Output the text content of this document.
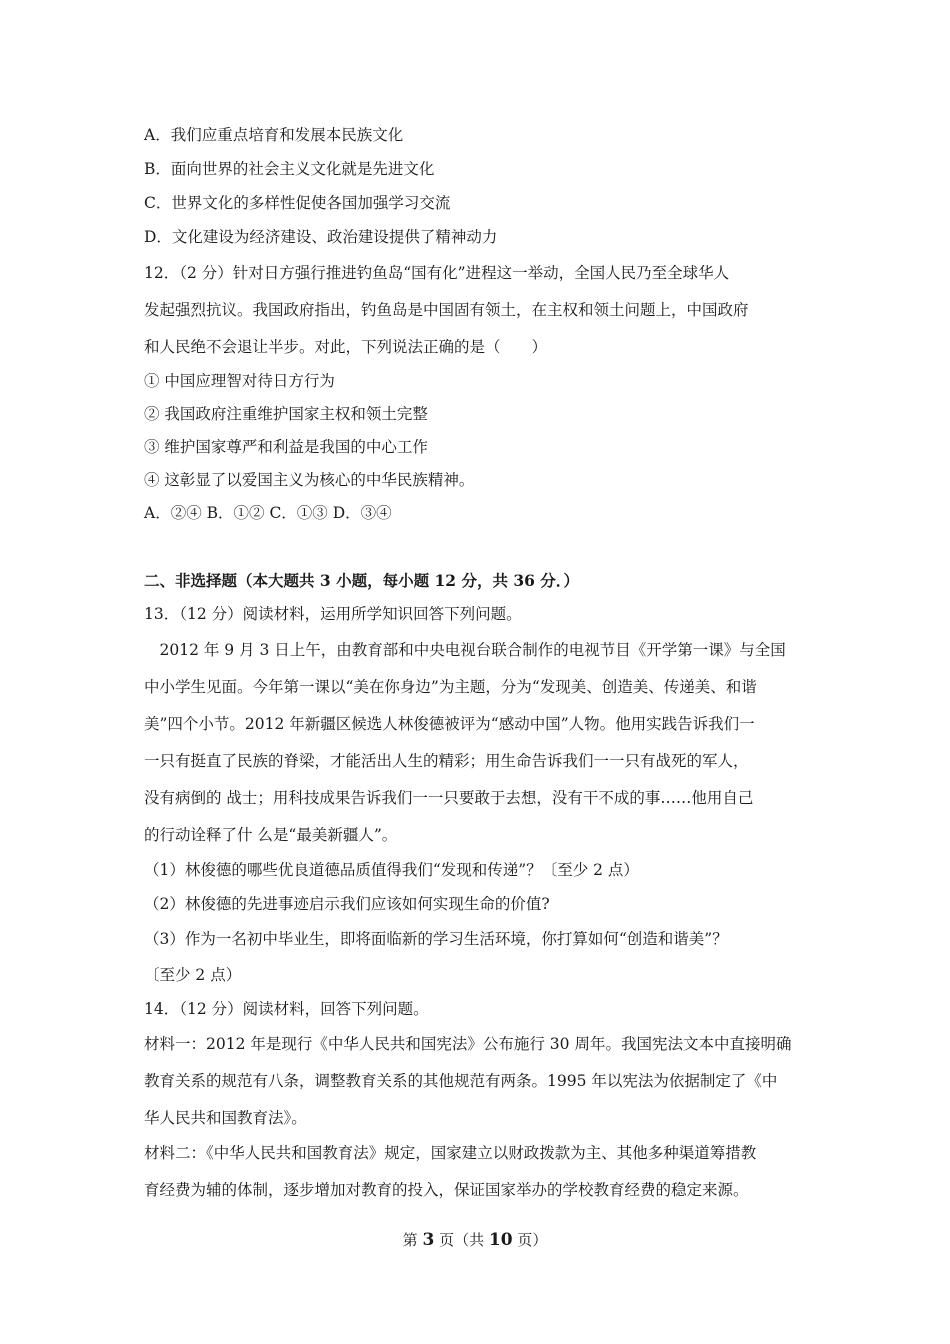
A．我们应重点培育和发展本民族文化
B．面向世界的社会主义文化就是先进文化
C．世界文化的多样性促使各国加强学习交流
D．文化建设为经济建设、政治建设提供了精神动力
12．（2 分）针对日方强行推进钓鱼岛“国有化”进程这一举动，全国人民乃至全球华人
发起强烈抗议。我国政府指出，钓鱼岛是中国固有领土，在主权和领土问题上，中国政府
和人民绝不会退让半步。对此，下列说法正确的是（　　）
① 中国应理智对待日方行为
② 我国政府注重维护国家主权和领土完整
③ 维护国家尊严和利益是我国的中心工作
④ 这彰显了以爱国主义为核心的中华民族精神。
A．②④ B．①② C．①③ D．③④
二、非选择题（本大题共 3 小题，每小题 12 分，共 36 分．）
13．（12 分）阅读材料，运用所学知识回答下列问题。
　2012 年 9 月 3 日上午，由教育部和中央电视台联合制作的电视节目《开学第一课》与全国
中小学生见面。今年第一课以“美在你身边”为主题，分为“发现美、创造美、传递美、和谐
美”四个小节。2012 年新疆区候选人林俊德被评为“感动中国”人物。他用实践告诉我们一
一只有挺直了民族的脊梁，才能活出人生的精彩；用生命告诉我们一一只有战死的军人，
没有病倒的 战士；用科技成果告诉我们一一只要敢于去想，没有干不成的事……他用自己
的行动诠释了什 么是“最美新疆人”。
（1）林俊德的哪些优良道德品质值得我们“发现和传递”？〔至少 2 点）
（2）林俊德的先进事迹启示我们应该如何实现生命的价值?
（3）作为一名初中毕业生，即将面临新的学习生活环境，你打算如何“创造和谐美”？
〔至少 2 点）
14．（12 分）阅读材料，回答下列问题。
材料一：2012 年是现行《中华人民共和国宪法》公布施行 30 周年。我国宪法文本中直接明确
教育关系的规范有八条，调整教育关系的其他规范有两条。1995 年以宪法为依据制定了《中
华人民共和国教育法》。
材料二：《中华人民共和国教育法》规定，国家建立以财政拨款为主、其他多种渠道筹措教
育经费为辅的体制，逐步增加对教育的投入，保证国家举办的学校教育经费的稳定来源。
第 3 页（共 10 页）
